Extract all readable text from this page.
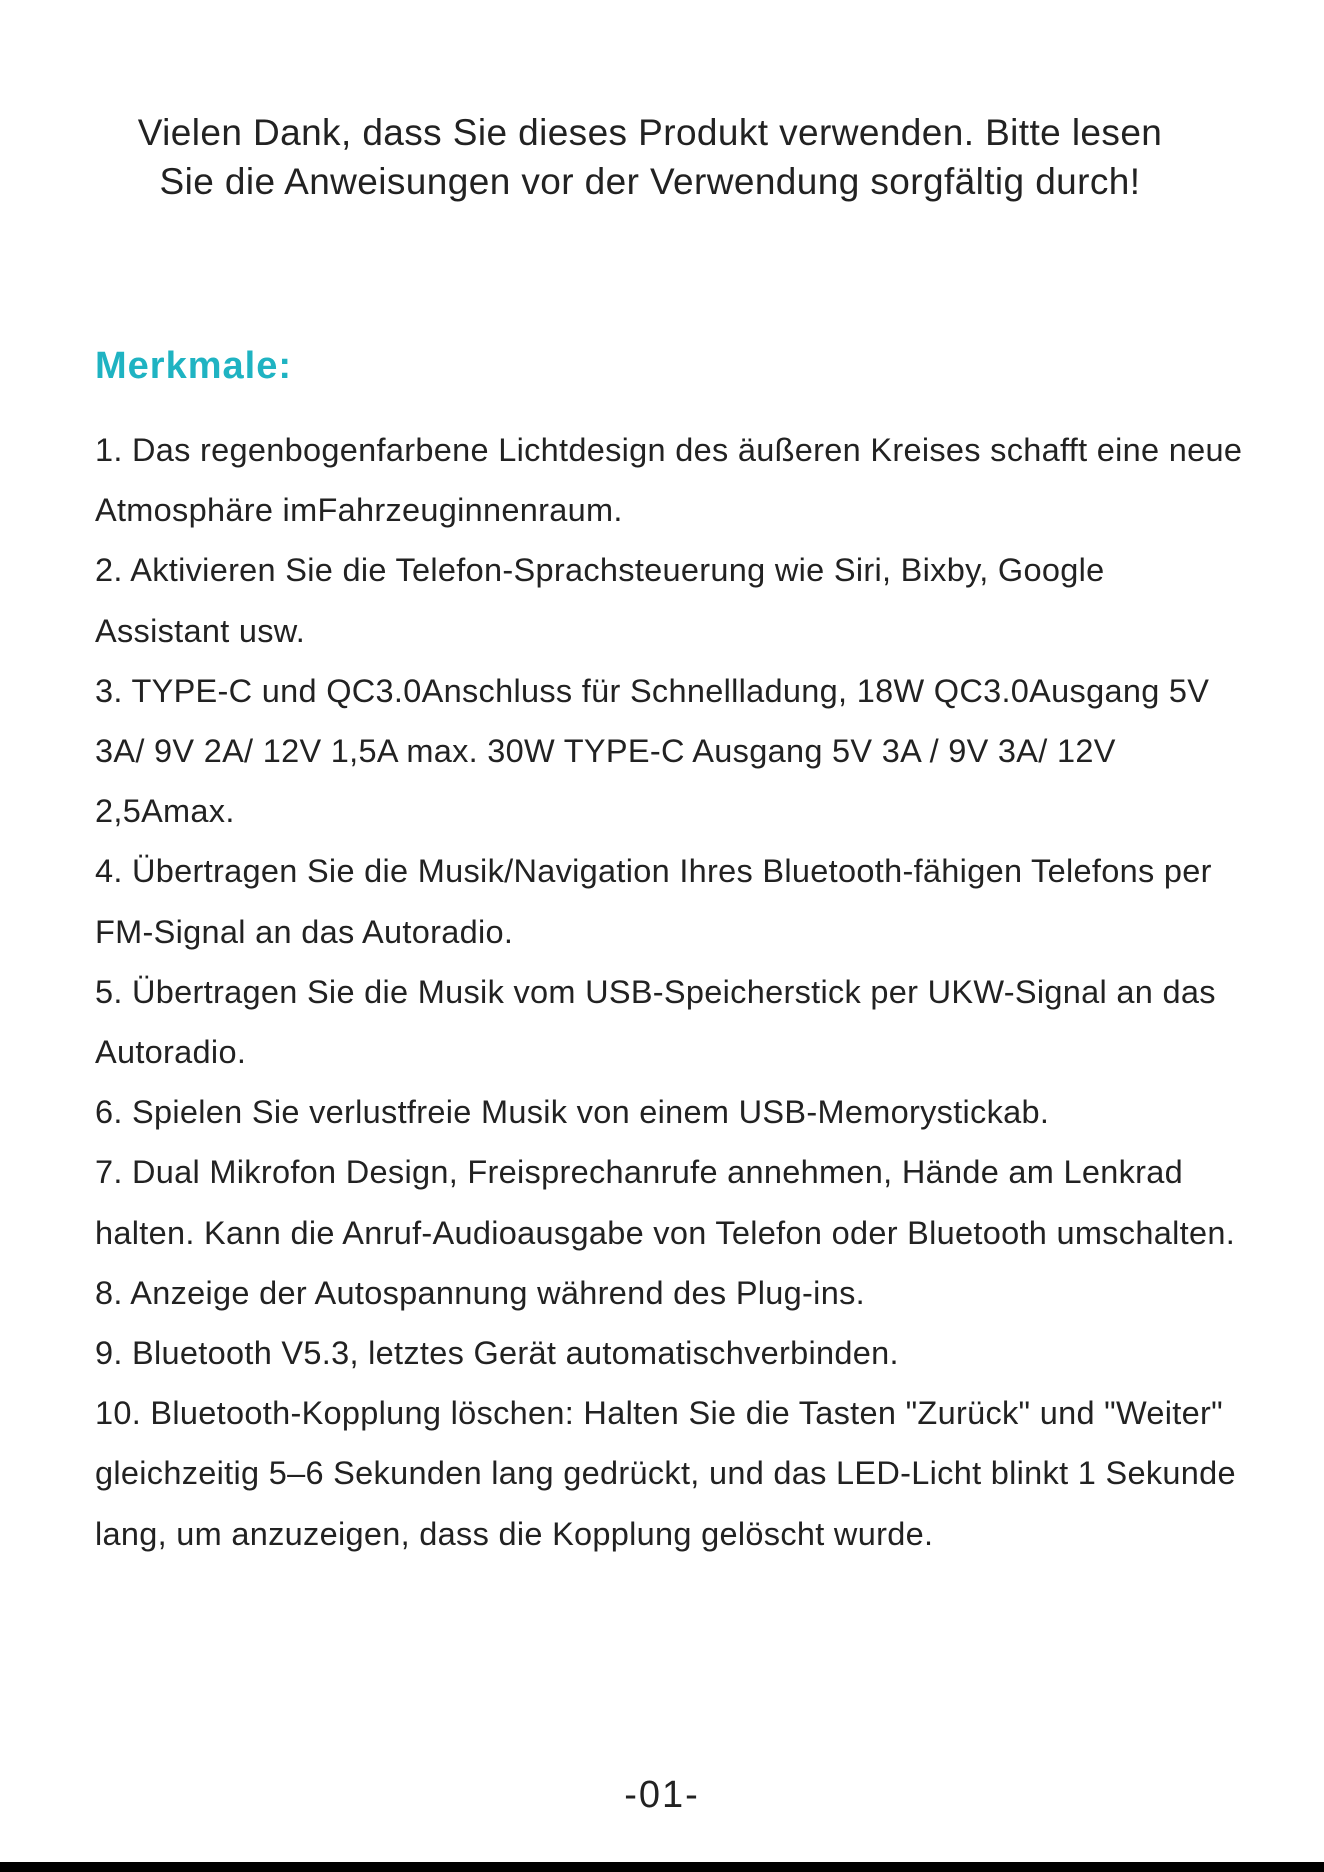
Vielen Dank, dass Sie dieses Produkt verwenden. Bitte lesen

Sie die Anweisungen vor der Verwendung sorgfältig durch!

Merkmale:
1. Das regenbogenfarbene Lichtdesign des äußeren Kreises schafft eine neue Atmosphäre imFahrzeuginnenraum.
2. Aktivieren Sie die Telefon-Sprachsteuerung wie Siri, Bixby, Google Assistant usw.
3. TYPE-C und QC3.0Anschluss für Schnellladung, 18W QC3.0Ausgang 5V 3A/ 9V 2A/ 12V 1,5A max. 30W TYPE-C Ausgang 5V 3A / 9V 3A/ 12V 2,5Amax.
4. Übertragen Sie die Musik/Navigation Ihres Bluetooth-fähigen Telefons per FM-Signal an das Autoradio.
5. Übertragen Sie die Musik vom USB-Speicherstick per UKW-Signal an das Autoradio.
6. Spielen Sie verlustfreie Musik von einem USB-Memorystickab.
7. Dual Mikrofon Design, Freisprechanrufe annehmen, Hände am Lenkrad halten. Kann die Anruf-Audioausgabe von Telefon oder Bluetooth umschalten.
8. Anzeige der Autospannung während des Plug-ins.
9. Bluetooth V5.3, letztes Gerät automatischverbinden.
10. Bluetooth-Kopplung löschen: Halten Sie die Tasten "Zurück" und "Weiter" gleichzeitig 5–6 Sekunden lang gedrückt, und das LED-Licht blinkt 1 Sekunde lang, um anzuzeigen, dass die Kopplung gelöscht wurde.
-01-
